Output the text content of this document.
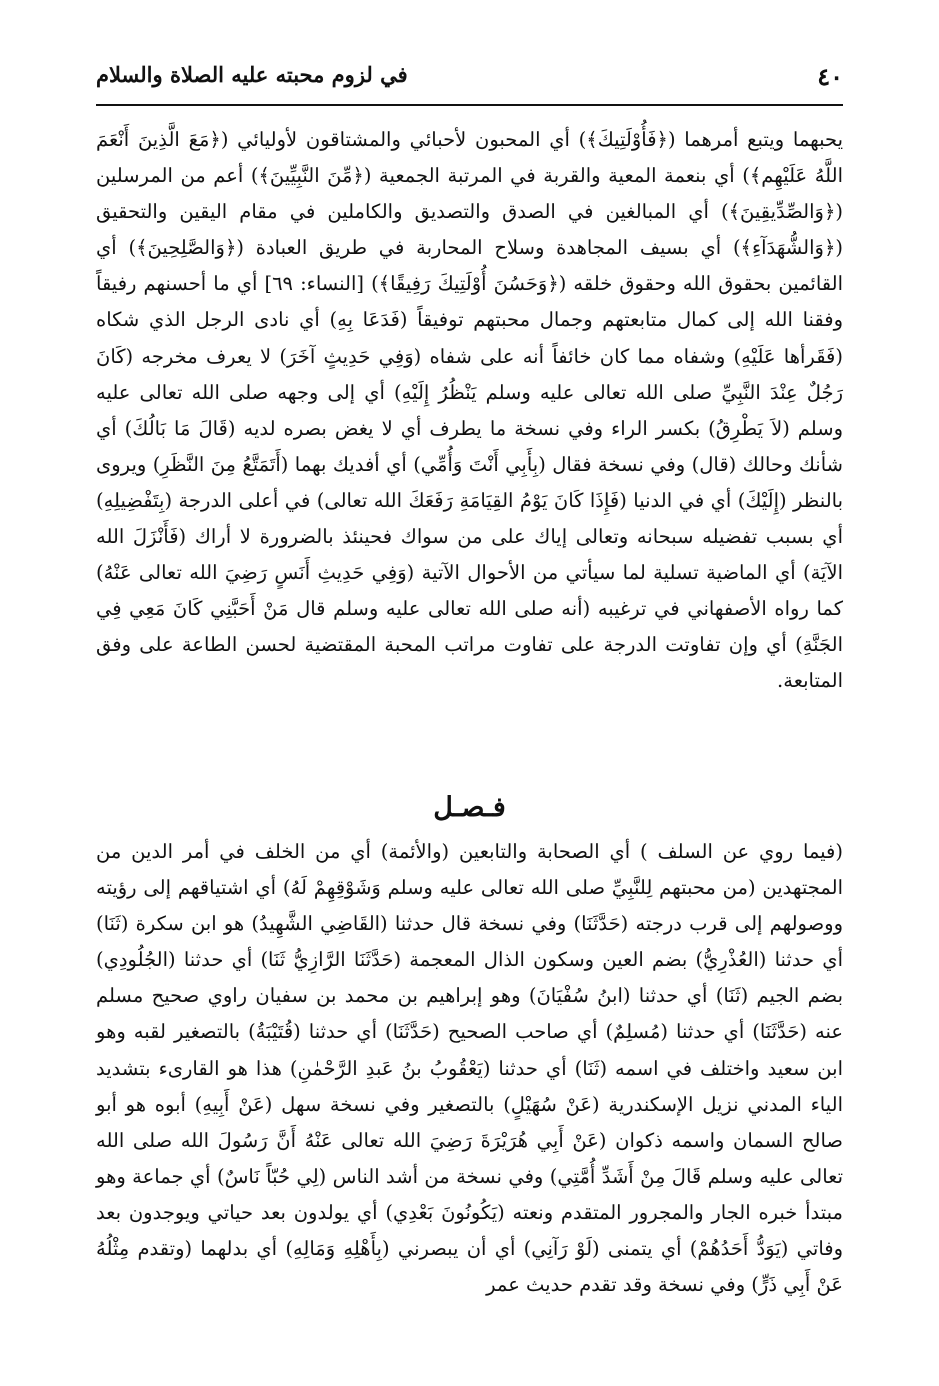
٤٠
في لزوم محبته عليه الصلاة والسلام
يحبهما ويتبع أمرهما (﴿فَأُوْلَتِيكَ﴾) أي المحبون لأحبائي والمشتاقون لأوليائي (﴿مَعَ الَّذِينَ أَنْعَمَ اللَّهُ عَلَيْهِم﴾) أي بنعمة المعية والقربة في المرتبة الجمعية (﴿مِّنَ النَّبِيِّينَ﴾) أعم من المرسلين (﴿وَالصِّدِّيقِينَ﴾) أي المبالغين في الصدق والتصديق والكاملين في مقام اليقين والتحقيق (﴿وَالشُّهَدَآءِ﴾) أي بسيف المجاهدة وسلاح المحاربة في طريق العبادة (﴿وَالصَّلِحِينَ﴾) أي القائمين بحقوق الله وحقوق خلقه (﴿وَحَسُنَ أُوْلَتِيكَ رَفِيقًا﴾) [النساء: ٦٩] أي ما أحسنهم رفيقاً وفقنا الله إلى كمال متابعتهم وجمال محبتهم توفيقاً (فَدَعَا بِهِ) أي نادى الرجل الذي شكاه (فَقَرأها عَلَيْهِ) وشفاه مما كان خائفاً أنه على شفاه (وَفِي حَدِيثٍ آخَرَ) لا يعرف مخرجه (كَانَ رَجُلٌ عِنْدَ النَّبِيِّ صلى الله تعالى عليه وسلم يَنْظُرُ إِلَيْهِ) أي إلى وجهه صلى الله تعالى عليه وسلم (لاَ يَطْرِقُ) بكسر الراء وفي نسخة ما يطرف أي لا يغض بصره لديه (قَالَ مَا بَالُكَ) أي شأنك وحالك (قال) وفي نسخة فقال (بِأَبِي أَنْتَ وَأُمِّي) أي أفديك بهما (أَتَمَتَّعُ مِنَ النَّظَرِ) ويروى بالنظر (إِلَيْكَ) أي في الدنيا (فَإِذَا كَانَ يَوْمُ القِيَامَةِ رَفَعَكَ الله تعالى) في أعلى الدرجة (بِتَفْضِيلِهِ) أي بسبب تفضيله سبحانه وتعالى إياك على من سواك فحينئذ بالضرورة لا أراك (فَأَنْزَلَ الله الآيَة) أي الماضية تسلية لما سيأتي من الأحوال الآتية (وَفِي حَدِيثِ أَنَسٍ رَضِيَ الله تعالى عَنْهُ) كما رواه الأصفهاني في ترغيبه (أنه صلى الله تعالى عليه وسلم قال مَنْ أَحَبَّنِي كَانَ مَعِي فِي الجَنَّةِ) أي وإن تفاوتت الدرجة على تفاوت مراتب المحبة المقتضية لحسن الطاعة على وفق المتابعة.
فـصـل
(فيما روي عن السلف ) أي الصحابة والتابعين (والأئمة) أي من الخلف في أمر الدين من المجتهدين (من محبتهم لِلنَّبِيِّ صلى الله تعالى عليه وسلم وَشَوْقِهِمْ لَهُ) أي اشتياقهم إلى رؤيته ووصولهم إلى قرب درجته (حَدَّثَنَا) وفي نسخة قال حدثنا (القَاضِي الشَّهِيدُ) هو ابن سكرة (ثَنَا) أي حدثنا (العُذْرِيُّ) بضم العين وسكون الذال المعجمة (حَدَّثَنَا الرَّازِيُّ ثَنَا) أي حدثنا (الجُلُودِي) بضم الجيم (ثَنَا) أي حدثنا (ابنُ سُفْيَانَ) وهو إبراهيم بن محمد بن سفيان راوي صحيح مسلم عنه (حَدَّثَنَا) أي حدثنا (مُسلِمٌ) أي صاحب الصحيح (حَدَّثَنَا) أي حدثنا (قُتَيْبَةُ) بالتصغير لقبه وهو ابن سعيد واختلف في اسمه (ثَنَا) أي حدثنا (يَعْقُوبُ بنُ عَبدِ الرَّحْمٰنِ) هذا هو القارىء بتشديد الياء المدني نزيل الإسكندرية (عَنْ سُهَيْلٍ) بالتصغير وفي نسخة سهل (عَنْ أَبِيهِ) أبوه هو أبو صالح السمان واسمه ذكوان (عَنْ أَبِي هُرَيْرَةَ رَضِيَ الله تعالى عَنْهُ أَنَّ رَسُولَ الله صلى الله تعالى عليه وسلم قَالَ مِنْ أَشَدِّ أُمَّتِي) وفي نسخة من أشد الناس (لِي حُبّاً نَاسٌ) أي جماعة وهو مبتدأ خبره الجار والمجرور المتقدم ونعته (يَكُونُونَ بَعْدِي) أي يولدون بعد حياتي ويوجدون بعد وفاتي (يَوَدُّ أَحَدُهُمْ) أي يتمنى (لَوْ رَآنِي) أي أن يبصرني (بِأَهْلِهِ وَمَالِهِ) أي بدلهما (وتقدم مِثْلُهُ عَنْ أَبِي ذَرٍّ) وفي نسخة وقد تقدم حديث عمر
